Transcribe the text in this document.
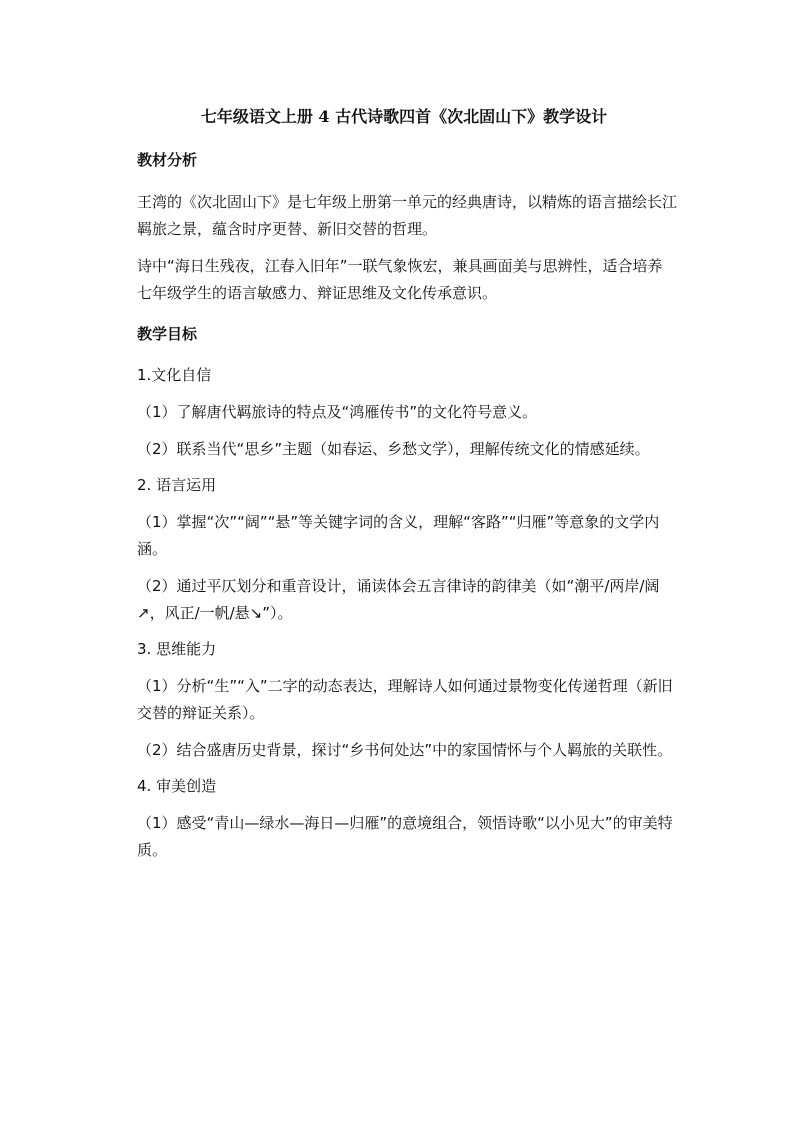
七年级语文上册 4 古代诗歌四首《次北固山下》教学设计
教材分析
王湾的《次北固山下》是七年级上册第一单元的经典唐诗，以精炼的语言描绘长江羁旅之景，蕴含时序更替、新旧交替的哲理。
诗中“海日生残夜，江春入旧年”一联气象恢宏，兼具画面美与思辨性，适合培养七年级学生的语言敏感力、辩证思维及文化传承意识。
教学目标
1.文化自信
（1）了解唐代羁旅诗的特点及“鸿雁传书”的文化符号意义。
（2）联系当代“思乡”主题（如春运、乡愁文学），理解传统文化的情感延续。
2. 语言运用
（1）掌握“次”“阔”“悬”等关键字词的含义，理解“客路”“归雁”等意象的文学内涵。
（2）通过平仄划分和重音设计，诵读体会五言律诗的韵律美（如“潮平/两岸/阔↗，风正/一帆/悬↘”）。
3. 思维能力
（1）分析“生”“入”二字的动态表达，理解诗人如何通过景物变化传递哲理（新旧交替的辩证关系）。
（2）结合盛唐历史背景，探讨“乡书何处达”中的家国情怀与个人羁旅的关联性。
4. 审美创造
（1）感受“青山—绿水—海日—归雁”的意境组合，领悟诗歌“以小见大”的审美特质。
